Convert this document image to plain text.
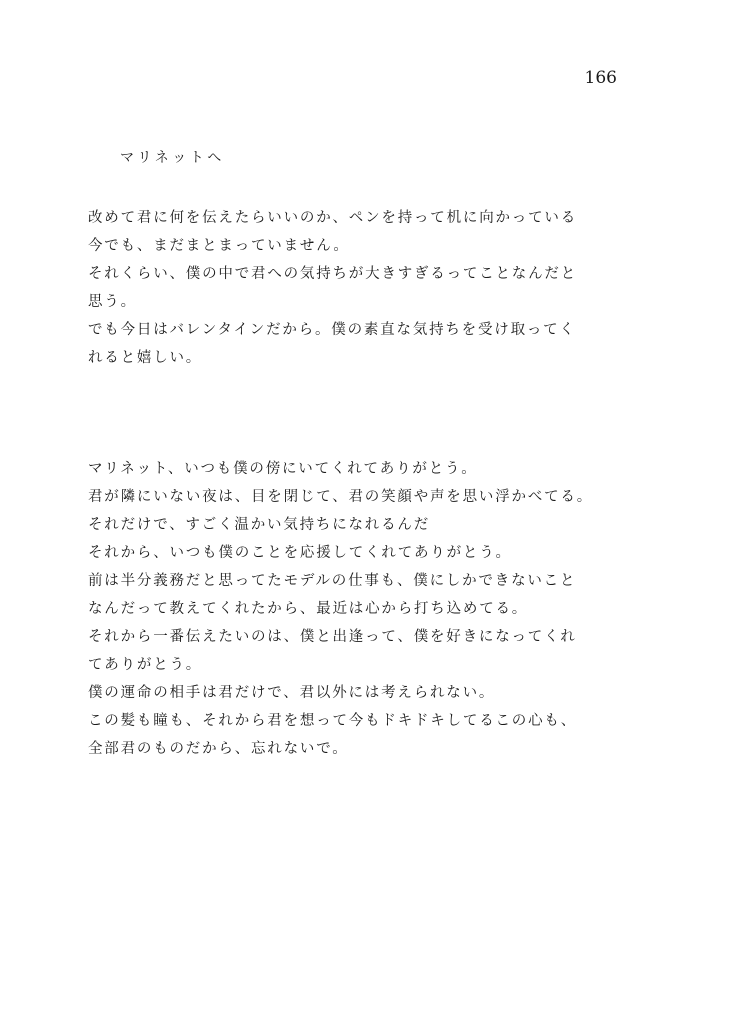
166
マリネットへ
改めて君に何を伝えたらいいのか、ペンを持って机に向かっている
今でも、まだまとまっていません。
それくらい、僕の中で君への気持ちが大きすぎるってことなんだと
思う。
でも今日はバレンタインだから。僕の素直な気持ちを受け取ってく
れると嬉しい。
マリネット、いつも僕の傍にいてくれてありがとう。
君が隣にいない夜は、目を閉じて、君の笑顔や声を思い浮かべてる。
それだけで、すごく温かい気持ちになれるんだ
それから、いつも僕のことを応援してくれてありがとう。
前は半分義務だと思ってたモデルの仕事も、僕にしかできないこと
なんだって教えてくれたから、最近は心から打ち込めてる。
それから一番伝えたいのは、僕と出逢って、僕を好きになってくれ
てありがとう。
僕の運命の相手は君だけで、君以外には考えられない。
この髪も瞳も、それから君を想って今もドキドキしてるこの心も、
全部君のものだから、忘れないで。
